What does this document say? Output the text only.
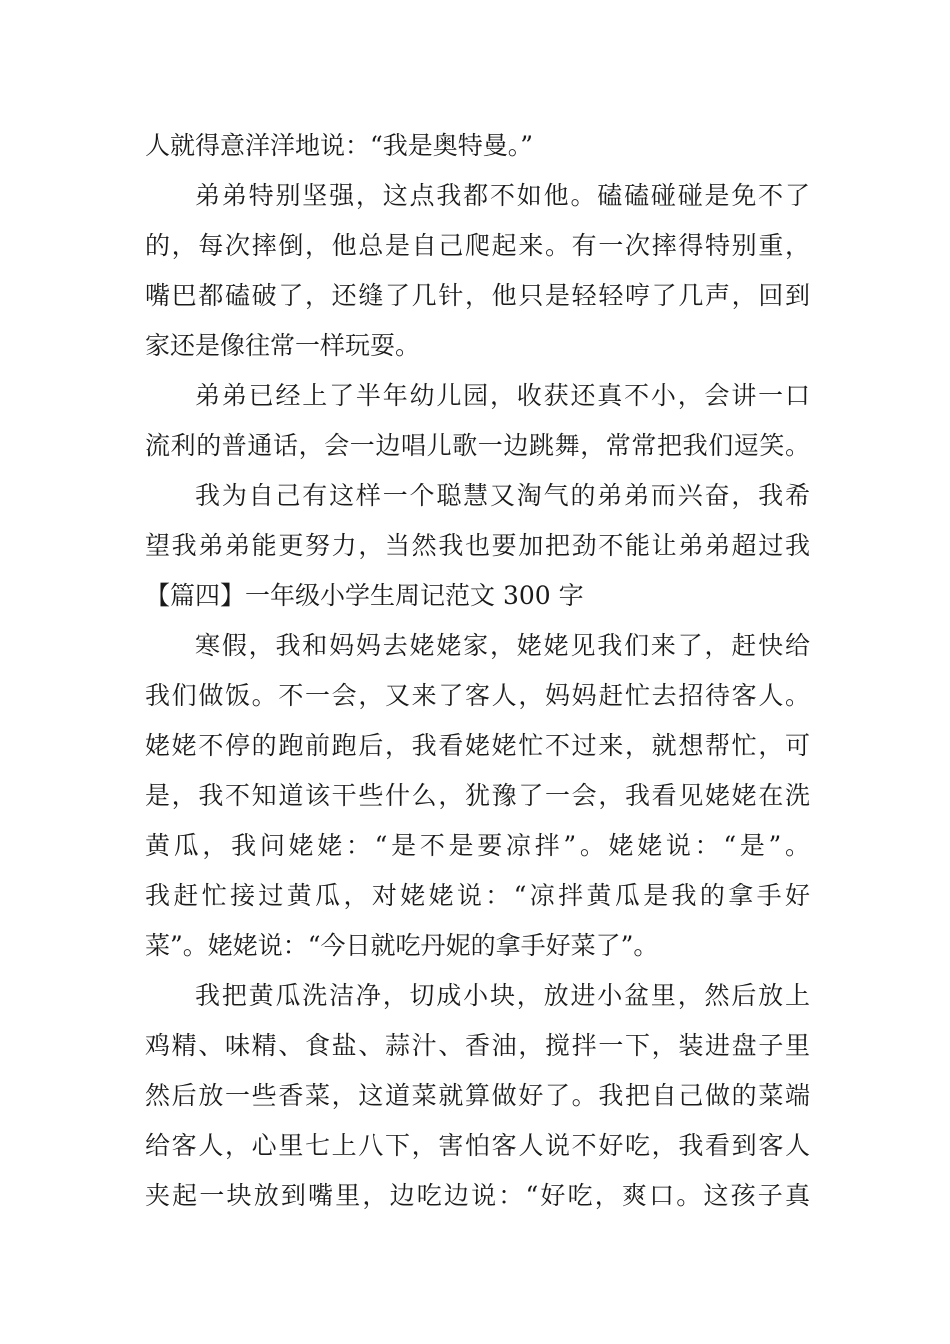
人就得意洋洋地说：“我是奥特曼。”
弟弟特别坚强，这点我都不如他。磕磕碰碰是免不了
的，每次摔倒，他总是自己爬起来。有一次摔得特别重，
嘴巴都磕破了，还缝了几针，他只是轻轻哼了几声，回到
家还是像往常一样玩耍。
弟弟已经上了半年幼儿园，收获还真不小，会讲一口
流利的普通话，会一边唱儿歌一边跳舞，常常把我们逗笑。
我为自己有这样一个聪慧又淘气的弟弟而兴奋，我希
望我弟弟能更努力，当然我也要加把劲不能让弟弟超过我
【篇四】一年级小学生周记范文 300 字
寒假，我和妈妈去姥姥家，姥姥见我们来了，赶快给
我们做饭。不一会，又来了客人，妈妈赶忙去招待客人。
姥姥不停的跑前跑后，我看姥姥忙不过来，就想帮忙，可
是，我不知道该干些什么，犹豫了一会，我看见姥姥在洗
黄瓜，我问姥姥：“是不是要凉拌”。姥姥说：“是”。
我赶忙接过黄瓜，对姥姥说：“凉拌黄瓜是我的拿手好
菜”。姥姥说：“今日就吃丹妮的拿手好菜了”。
我把黄瓜洗洁净，切成小块，放进小盆里，然后放上
鸡精、味精、食盐、蒜汁、香油，搅拌一下，装进盘子里
然后放一些香菜，这道菜就算做好了。我把自己做的菜端
给客人，心里七上八下，害怕客人说不好吃，我看到客人
夹起一块放到嘴里，边吃边说：“好吃，爽口。这孩子真
